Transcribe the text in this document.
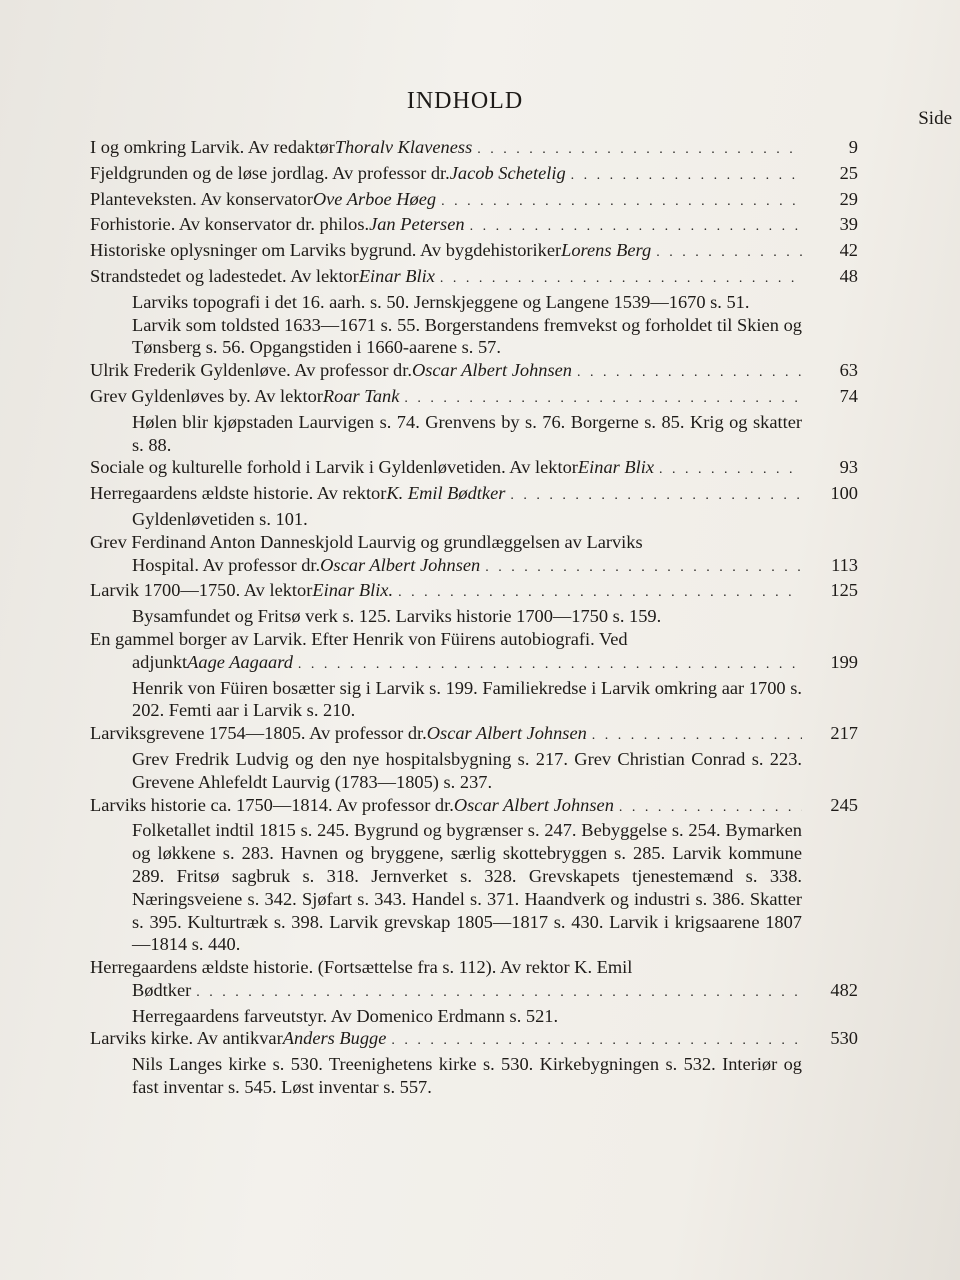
INDHOLD
Side
I og omkring Larvik. Av redaktør Thoralv Klaveness . . .	9
Fjeldgrunden og de løse jordlag. Av professor dr. Jacob Schetelig . . .	25
Planteveksten. Av konservator Ove Arboe Høeg . . .	29
Forhistorie. Av konservator dr. philos. Jan Petersen . . .	39
Historiske oplysninger om Larviks bygrund. Av bygdehistoriker Lorens Berg . . .	42
Strandstedet og ladestedet. Av lektor Einar Blix . . .	48
Larviks topografi i det 16. aarh. s. 50. Jernskjeggene og Langene 1539—1670 s. 51.
Larvik som toldsted 1633—1671 s. 55. Borgerstandens fremvekst og forholdet til Skien og Tønsberg s. 56. Opgangstiden i 1660-aarene s. 57.
Ulrik Frederik Gyldenløve. Av professor dr. Oscar Albert Johnsen . . .	63
Grev Gyldenløves by. Av lektor Roar Tank . . .	74
Hølen blir kjøpstaden Laurvigen s. 74. Grenvens by s. 76. Borgerne s. 85. Krig og skatter s. 88.
Sociale og kulturelle forhold i Larvik i Gyldenløvetiden. Av lektor Einar Blix . . .	93
Herregaardens ældste historie. Av rektor K. Emil Bødtker . . .	100
Gyldenløvetiden s. 101.
Grev Ferdinand Anton Danneskjold Laurvig og grundlæggelsen av Larviks
Hospital. Av professor dr. Oscar Albert Johnsen . . .	113
Larvik 1700—1750. Av lektor Einar Blix. . . .	125
Bysamfundet og Fritsø verk s. 125. Larviks historie 1700—1750 s. 159.
En gammel borger av Larvik. Efter Henrik von Füirens autobiografi. Ved
adjunkt Aage Aagaard . . .	199
Henrik von Füiren bosætter sig i Larvik s. 199. Familiekredse i Larvik omkring aar 1700 s. 202. Femti aar i Larvik s. 210.
Larviksgrevene 1754—1805. Av professor dr. Oscar Albert Johnsen . . .	217
Grev Fredrik Ludvig og den nye hospitalsbygning s. 217. Grev Christian Conrad s. 223. Grevene Ahlefeldt Laurvig (1783—1805) s. 237.
Larviks historie ca. 1750—1814. Av professor dr. Oscar Albert Johnsen . . .	245
Folketallet indtil 1815 s. 245. Bygrund og bygrænser s. 247. Bebyggelse s. 254. Bymarken og løkkene s. 283. Havnen og bryggene, særlig skottebryggen s. 285. Larvik kommune 289. Fritsø sagbruk s. 318. Jernverket s. 328. Grevskapets tjenestemænd s. 338. Næringsveiene s. 342. Sjøfart s. 343. Handel s. 371. Haandverk og industri s. 386. Skatter s. 395. Kulturtræk s. 398. Larvik grevskap 1805—1817 s. 430. Larvik i krigsaarene 1807—1814 s. 440.
Herregaardens ældste historie. (Fortsættelse fra s. 112). Av rektor K. Emil
Bødtker . . .	482
Herregaardens farveutstyr. Av Domenico Erdmann s. 521.
Larviks kirke. Av antikvar Anders Bugge . . .	530
Nils Langes kirke s. 530. Treenighetens kirke s. 530. Kirkebygningen s. 532. Interiør og fast inventar s. 545. Løst inventar s. 557.
